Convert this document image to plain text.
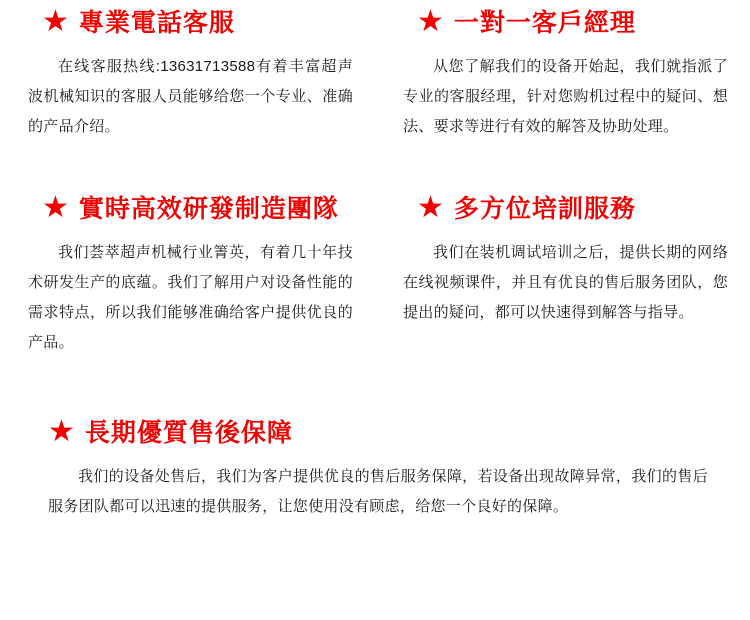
★ 專業電話客服
在线客服热线:13631713588有着丰富超声波机械知识的客服人员能够给您一个专业、准确的产品介绍。
★ 一對一客戶經理
从您了解我们的设备开始起，我们就指派了专业的客服经理，针对您购机过程中的疑问、想法、要求等进行有效的解答及协助处理。
★ 實時高效研發制造團隊
我们荟萃超声机械行业箐英，有着几十年技术研发生产的底蕴。我们了解用户对设备性能的需求特点，所以我们能够准确给客户提供优良的产品。
★ 多方位培訓服務
我们在装机调试培训之后，提供长期的网络在线视频课件，并且有优良的售后服务团队，您提出的疑问，都可以快速得到解答与指导。
★ 長期優質售後保障
我们的设备处售后，我们为客户提供优良的售后服务保障，若设备出现故障异常，我们的售后服务团队都可以迅速的提供服务，让您使用没有顾虑，给您一个良好的保障。
